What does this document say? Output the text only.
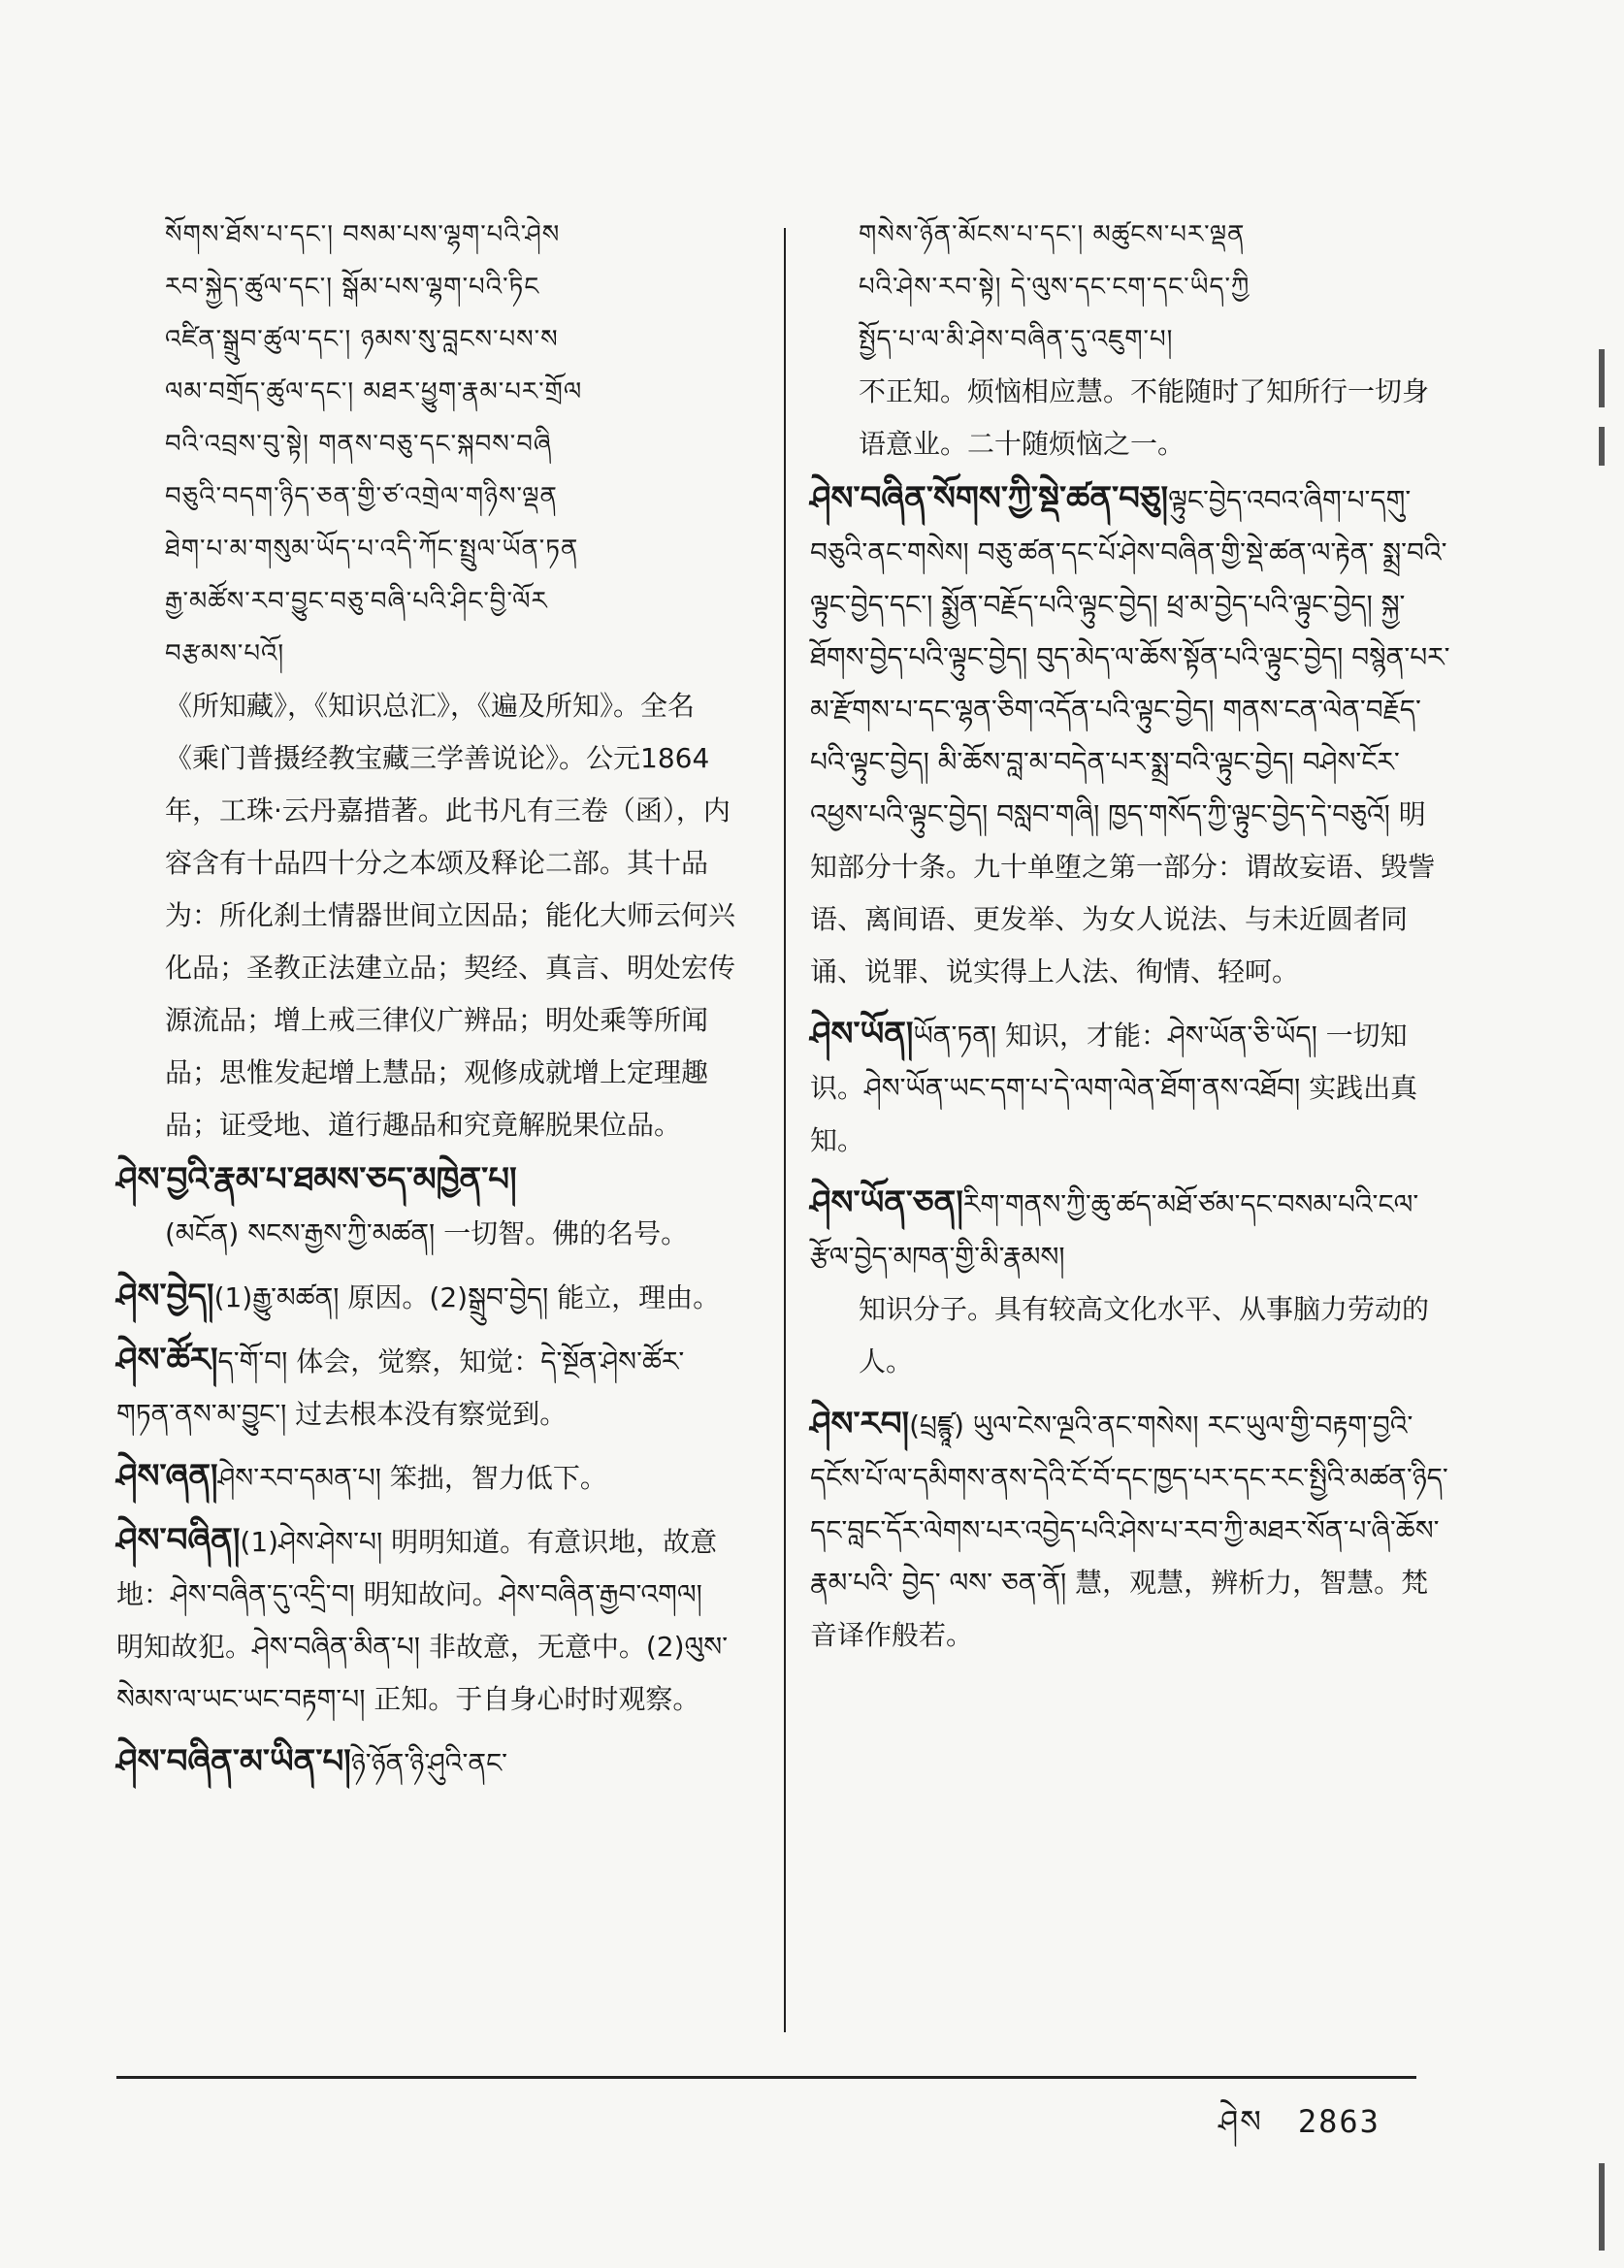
སོགས་ཐོས་པ་དང་། བསམ་པས་ལྷག་པའི་ཤེས
རབ་སྐྱེད་ཚུལ་དང་། སྒོམ་པས་ལྷག་པའི་ཏིང
འཛིན་སྒྲུབ་ཚུལ་དང་། ཉམས་སུ་བླངས་པས་ས
ལམ་བགྲོད་ཚུལ་དང་། མཐར་ཕྱུག་རྣམ་པར་གྲོལ
བའི་འབྲས་བུ་སྟེ། གནས་བཅུ་དང་སྐབས་བཞི
བཅུའི་བདག་ཉིད་ཅན་གྱི་ཙ་འགྲེལ་གཉིས་ལྡན
ཐེག་པ་མ་གསུམ་ཡོད་པ་འདི་ཀོང་སྤྲུལ་ཡོན་ཏན
རྒྱ་མཚོས་རབ་བྱུང་བཅུ་བཞི་པའི་ཤིང་བྱི་ལོར
བརྩམས་པའོ།
《所知藏》，《知识总汇》，《遍及所知》。全名《乘门普摄经教宝藏三学善说论》。公元1864年，工珠·云丹嘉措著。此书凡有三卷（函），内容含有十品四十分之本颂及释论二部。其十品为：所化刹土情器世间立因品；能化大师云何兴化品；圣教正法建立品；契经、真言、明处宏传源流品；增上戒三律仪广辨品；明处乘等所闻品；思惟发起增上慧品；观修成就增上定理趣品；证受地、道行趣品和究竟解脱果位品。
ཤེས་བྱའི་རྣམ་པ་ཐམས་ཅད་མཁྱེན་པ།
(མངོན) སངས་རྒྱས་ཀྱི་མཚན། 一切智。佛的名号。
ཤེས་བྱེད།(1)རྒྱུ་མཚན། 原因。(2)སྒྲུབ་བྱེད། 能立，理由。
ཤེས་ཚོར།ད་གོ་བ། 体会，觉察，知觉：དེ་སྔོན་ཤེས་ཚོར་གཏན་ནས་མ་བྱུང་། 过去根本没有察觉到。
ཤེས་ཞན།ཤེས་རབ་དམན་པ། 笨拙，智力低下。
ཤེས་བཞིན།(1)ཤེས་ཤེས་པ། 明明知道。有意识地，故意地：ཤེས་བཞིན་དུ་འདྲི་བ། 明知故问。ཤེས་བཞིན་རྒྱབ་འགལ། 明知故犯。ཤེས་བཞིན་མིན་པ། 非故意，无意中。(2)ལུས་སེམས་ལ་ཡང་ཡང་བརྟག་པ། 正知。于自身心时时观察。
ཤེས་བཞིན་མ་ཡིན་པ།ཉེ་ཉོན་ཉི་ཤུའི་ནང་
གསེས་ཉོན་མོངས་པ་དང་། མཚུངས་པར་ལྡན
པའི་ཤེས་རབ་སྟེ། དེ་ལུས་དང་ངག་དང་ཡིད་ཀྱི
སྤྱོད་པ་ལ་མི་ཤེས་བཞིན་དུ་འཇུག་པ།
不正知。烦恼相应慧。不能随时了知所行一切身语意业。二十随烦恼之一。
ཤེས་བཞིན་སོགས་ཀྱི་སྡེ་ཚན་བཅུ།ལྟུང་བྱེད་འབའ་ཞིག་པ་དགུ་བཅུའི་ནང་གསེས། བཅུ་ཚན་དང་པོ་ཤེས་བཞིན་གྱི་སྡེ་ཚན་ལ་རྟེན་ སྨྲ་བའི་ལྟུང་བྱེད་དང་། སྨྱོན་བརྗོད་པའི་ལྟུང་བྱེད། ཕྲ་མ་བྱེད་པའི་ལྟུང་བྱེད། སྐྱ་ཐོགས་བྱེད་པའི་ལྟུང་བྱེད། བུད་མེད་ལ་ཆོས་སྟོན་པའི་ལྟུང་བྱེད། བསྙེན་པར་མ་རྫོགས་པ་དང་ལྷན་ཅིག་འདོན་པའི་ལྟུང་བྱེད། གནས་ངན་ལེན་བརྗོད་པའི་ལྟུང་བྱེད། མི་ཆོས་བླ་མ་བདེན་པར་སྨྲ་བའི་ལྟུང་བྱེད། བཤེས་ངོར་འཕྱས་པའི་ལྟུང་བྱེད། བསླབ་གཞི། ཁྱད་གསོད་ཀྱི་ལྟུང་བྱེད་དེ་བཅུའོ། 明知部分十条。九十单堕之第一部分：谓故妄语、毁訾语、离间语、更发举、为女人说法、与未近圆者同诵、说罪、说实得上人法、徇情、轻呵。
ཤེས་ཡོན།ཡོན་ཏན། 知识，才能：ཤེས་ཡོན་ཅི་ཡོད། 一切知识。ཤེས་ཡོན་ཡང་དག་པ་དེ་ལག་ལེན་ཐོག་ནས་འཐོབ། 实践出真知。
ཤེས་ཡོན་ཅན།རིག་གནས་ཀྱི་ཆུ་ཚད་མཐོ་ཙམ་དང་བསམ་པའི་ངལ་རྩོལ་བྱེད་མཁན་གྱི་མི་རྣམས།
知识分子。具有较高文化水平、从事脑力劳动的人。
ཤེས་རབ།(པྲཛྙཱ) ཡུལ་ངེས་ལྔའི་ནང་གསེས། རང་ཡུལ་གྱི་བརྟག་བྱའི་དངོས་པོ་ལ་དམིགས་ནས་དེའི་ངོ་བོ་དང་ཁྱད་པར་དང་རང་སྤྱིའི་མཚན་ཉིད་དང་བླང་དོར་ལེགས་པར་འབྱེད་པའི་ཤེས་པ་རབ་ཀྱི་མཐར་སོན་པ་ཞི་ཆོས་ རྣམ་པའི་ བྱེད་ ལས་ ཅན་ནོ། 慧，观慧，辨析力，智慧。梵音译作般若。
ཤེས 2863
